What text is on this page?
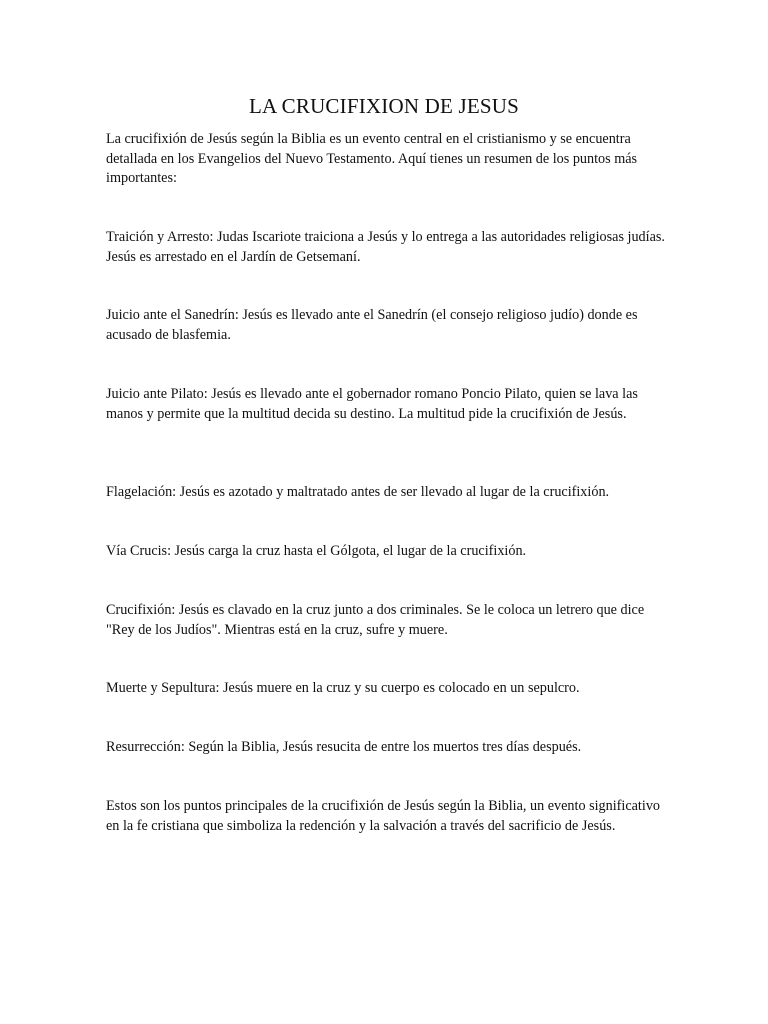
LA CRUCIFIXION DE JESUS

La crucifixión de Jesús según la Biblia es un evento central en el cristianismo y se encuentra detallada en los Evangelios del Nuevo Testamento. Aquí tienes un resumen de los puntos más importantes:

Traición y Arresto: Judas Iscariote traiciona a Jesús y lo entrega a las autoridades religiosas judías. Jesús es arrestado en el Jardín de Getsemaní.

Juicio ante el Sanedrín: Jesús es llevado ante el Sanedrín (el consejo religioso judío) donde es acusado de blasfemia.

Juicio ante Pilato: Jesús es llevado ante el gobernador romano Poncio Pilato, quien se lava las manos y permite que la multitud decida su destino. La multitud pide la crucifixión de Jesús.

Flagelación: Jesús es azotado y maltratado antes de ser llevado al lugar de la crucifixión.

Vía Crucis: Jesús carga la cruz hasta el Gólgota, el lugar de la crucifixión.

Crucifixión: Jesús es clavado en la cruz junto a dos criminales. Se le coloca un letrero que dice "Rey de los Judíos". Mientras está en la cruz, sufre y muere.

Muerte y Sepultura: Jesús muere en la cruz y su cuerpo es colocado en un sepulcro.

Resurrección: Según la Biblia, Jesús resucita de entre los muertos tres días después.

Estos son los puntos principales de la crucifixión de Jesús según la Biblia, un evento significativo en la fe cristiana que simboliza la redención y la salvación a través del sacrificio de Jesús.
